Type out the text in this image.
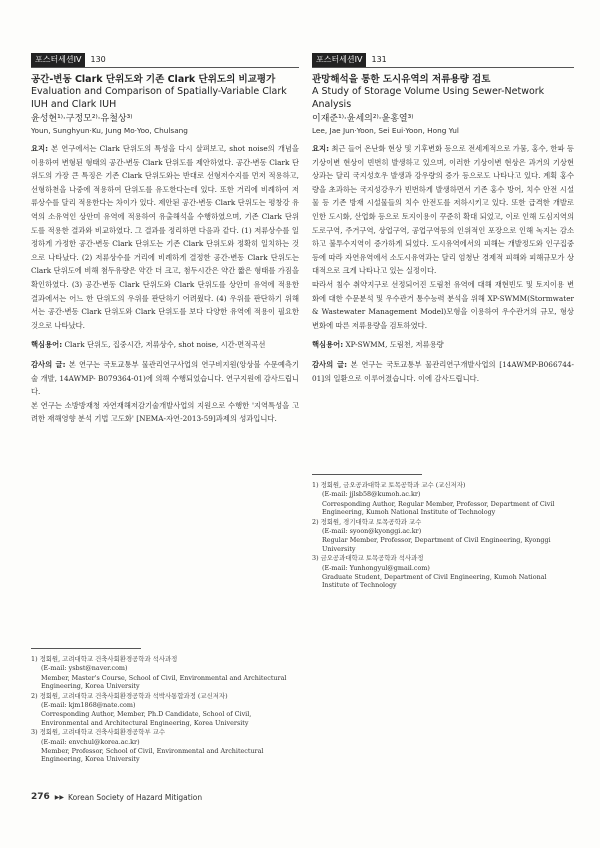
포스터세션IV	130

공간-변동 Clark 단위도와 기존 Clark 단위도의 비교평가

Evaluation and Comparison of Spatially-Variable Clark IUH and Clark IUH

윤성현¹⁾·구정모²⁾·유철상³⁾

Youn, Sunghyun·Ku, Jung Mo·Yoo, Chulsang

요지: 본 연구에서는 Clark 단위도의 특성을 다시 살펴보고, shot noise의 개념을 이용하여 변형된 형태의 공간-변동 Clark 단위도를 제안하였다. 공간-변동 Clark 단위도의 가장 큰 특징은 기존 Clark 단위도와는 반대로 선형저수지를 먼저 적용하고, 선형하천을 나중에 적용하여 단위도를 유도한다는데 있다. 또한 거리에 비례하여 저류상수를 달리 적용한다는 차이가 있다. 제안된 공간-변동 Clark 단위도는 평창강 유역의 소유역인 상안미 유역에 적용하여 유출해석을 수행하였으며, 기존 Clark 단위도를 적용한 결과와 비교하였다. 그 결과를 정리하면 다음과 같다. (1) 저류상수를 일정하게 가정한 공간-변동 Clark 단위도는 기존 Clark 단위도와 정확히 일치하는 것으로 나타났다. (2) 저류상수를 거리에 비례하게 결정한 공간-변동 Clark 단위도는 Clark 단위도에 비해 첨두유량은 약간 더 크고, 첨두시간은 약간 짧은 형태를 가짐을 확인하였다. (3) 공간-변동 Clark 단위도와 Clark 단위도를 상안미 유역에 적용한 결과에서는 어느 한 단위도의 우위를 판단하기 어려웠다. (4) 우위를 판단하기 위해서는 공간-변동 Clark 단위도와 Clark 단위도를 보다 다양한 유역에 적용이 필요한 것으로 나타났다.

핵심용어: Clark 단위도, 집중시간, 저류상수, shot noise, 시간-면적곡선

감사의 글: 본 연구는 국토교통부 물관리연구사업의 연구비지원(앙상블 수문예측기술 개발, 14AWMP- B079364-01)에 의해 수행되었습니다. 연구지원에 감사드립니다.

본 연구는 소방방재청 자연재해저감기술개발사업의 지원으로 수행한 '지역특성을 고려한 재해영향 분석 기법 고도화' [NEMA-자연-2013-59]과제의 성과입니다.

1) 정회원, 고려대학교 건축사회환경공학과 석사과정

(E-mail: ysbst@naver.com)

Member, Master's Course, School of Civil, Environmental and Architectural Engineering, Korea University

2) 정회원, 고려대학교 건축사회환경공학과 석박사통합과정 (교신저자)

(E-mail: kjm1868@nate.com)

Corresponding Author, Member, Ph.D Candidate, School of Civil, Environmental and Architectural Engineering, Korea University

3) 정회원, 고려대학교 건축사회환경공학부 교수

(E-mail: envchul@korea.ac.kr)

Member, Professor, School of Civil, Environmental and Architectural Engineering, Korea University

포스터세션IV	131

관망해석을 통한 도시유역의 저류용량 검토

A Study of Storage Volume Using Sewer-Network Analysis

이재준¹⁾·윤세의²⁾·윤홍열³⁾

Lee, Jae Jun·Yoon, Sei Eui·Yoon, Hong Yul

요지: 최근 들어 온난화 현상 및 기후변화 등으로 전세계적으로 가뭄, 홍수, 한파 등 기상이변 현상이 빈번히 발생하고 있으며, 이러한 기상이변 현상은 과거의 기상현상과는 달리 국지성호우 발생과 강우량의 증가 등으로도 나타나고 있다. 계획 홍수량을 초과하는 국지성강우가 빈번하게 발생하면서 기존 홍수 방어, 치수 안전 시설물 등 기존 방재 시설물들의 치수 안전도를 저하시키고 있다. 또한 급격한 개발로 인한 도시화, 산업화 등으로 토지이용이 꾸준히 확대 되었고, 이로 인해 도심지역의 도로구역, 주거구역, 상업구역, 공업구역등의 인위적인 포장으로 인해 녹지는 감소하고 불투수지역이 증가하게 되었다. 도시유역에서의 피해는 개발정도와 인구집중 등에 따라 자연유역에서 소도시유역과는 달리 엄청난 경제적 피해와 피해규모가 상대적으로 크게 나타나고 있는 실정이다.

따라서 침수 취약지구로 선정되어진 도림천 유역에 대해 재현빈도 및 토지이용 변화에 대한 수문분석 및 우수관거 통수능력 분석을 위해 XP-SWMM(Stormwater & Wastewater Management Model)모형을 이용하여 우수관거의 규모, 형상 변화에 따른 저류용량을 검토하였다.

핵심용어: XP-SWMM, 도림천, 저류용량

감사의 글: 본 연구는 국토교통부 물관리연구개발사업의 [14AWMP-B066744-01]의 일환으로 이루어졌습니다. 이에 감사드립니다.

1) 정회원, 금오공과대학교 토목공학과 교수 (교신저자)

(E-mail: jjlsb58@kumoh.ac.kr)

Corresponding Author, Regular Member, Professor, Department of Civil Engineering, Kumoh National Institute of Technology

2) 정회원, 경기대학교 토목공학과 교수

(E-mail: syoon@kyonggi.ac.kr)

Regular Member, Professor, Department of Civil Engineering, Kyonggi University

3) 금오공과대학교 토목공학과 석사과정

(E-mail: Yunhongyul@gmail.com)

Graduate Student, Department of Civil Engineering, Kumoh National Institute of Technology

276 ▶▶ Korean Society of Hazard Mitigation
